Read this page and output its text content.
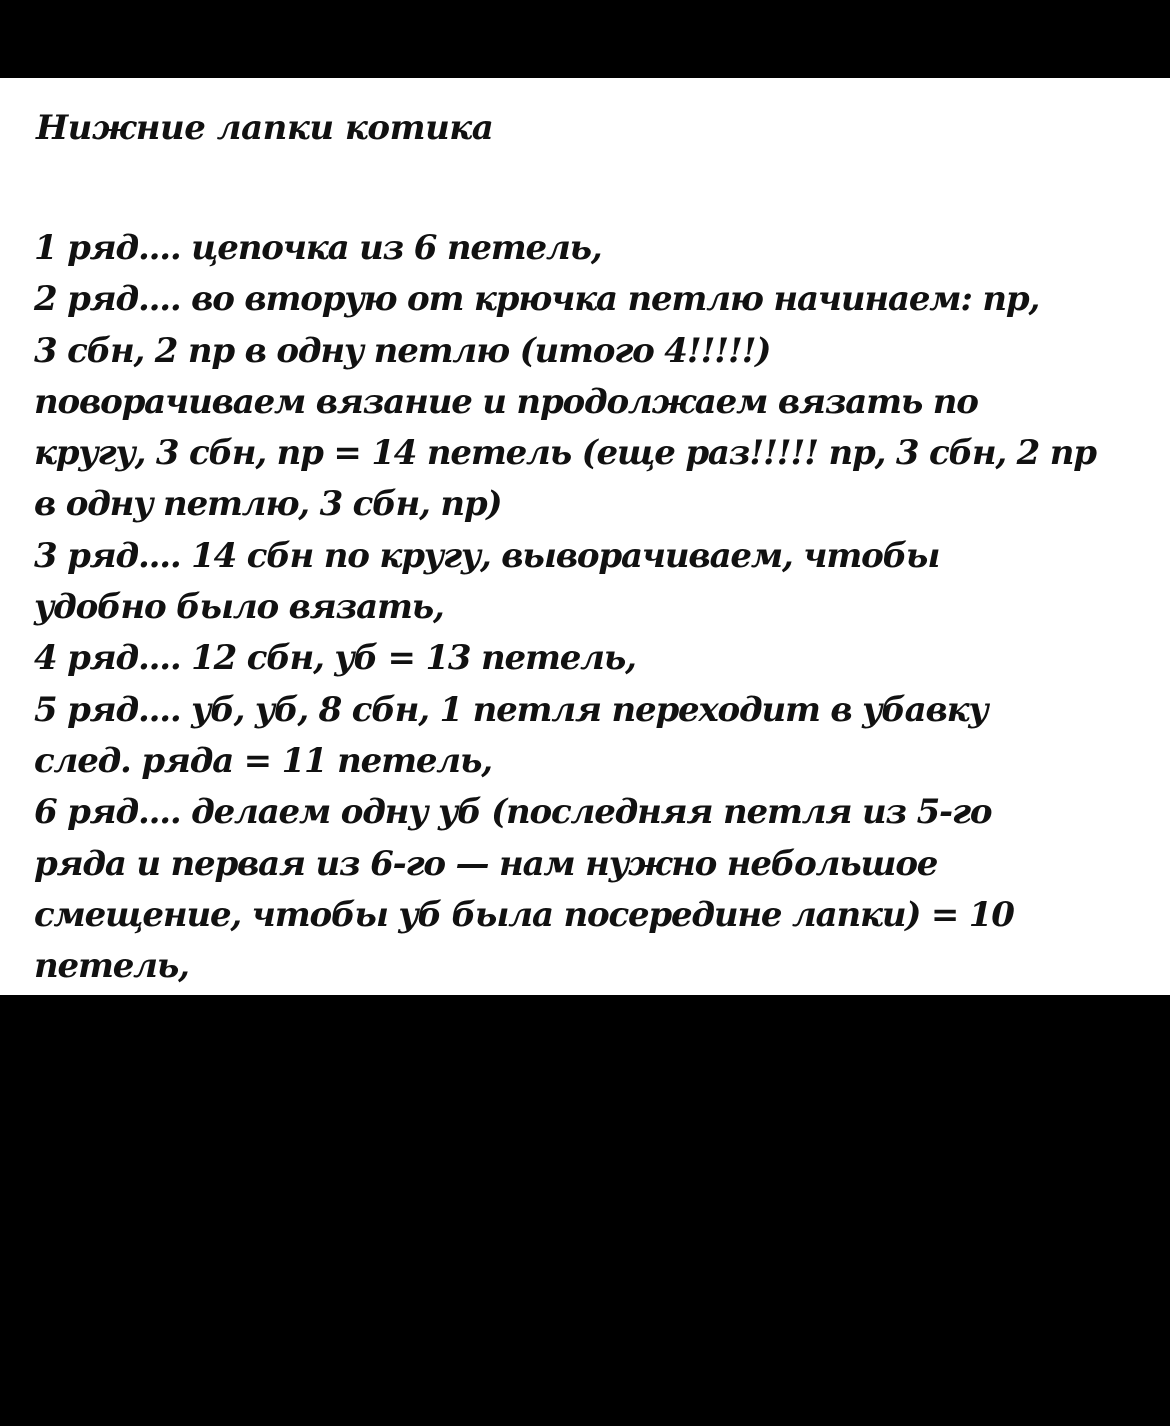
Нижние лапки котика
1 ряд.... цепочка из 6 петель,
2 ряд.... во вторую от крючка петлю начинаем: пр,
3 сбн, 2 пр в одну петлю (итого 4!!!!!)
поворачиваем вязание и продолжаем вязать по
кругу, 3 сбн, пр = 14 петель (еще раз!!!!! пр, 3 сбн, 2 пр
в одну петлю, 3 сбн, пр)
3 ряд.... 14 сбн по кругу, выворачиваем, чтобы
удобно было вязать,
4 ряд.... 12 сбн, уб = 13 петель,
5 ряд.... уб, уб, 8 сбн, 1 петля переходит в убавку
след. ряда = 11 петель,
6 ряд.... делаем одну уб (последняя петля из 5-го
ряда и первая из 6-го — нам нужно небольшое
смещение, чтобы уб была посередине лапки) = 10
петель,
